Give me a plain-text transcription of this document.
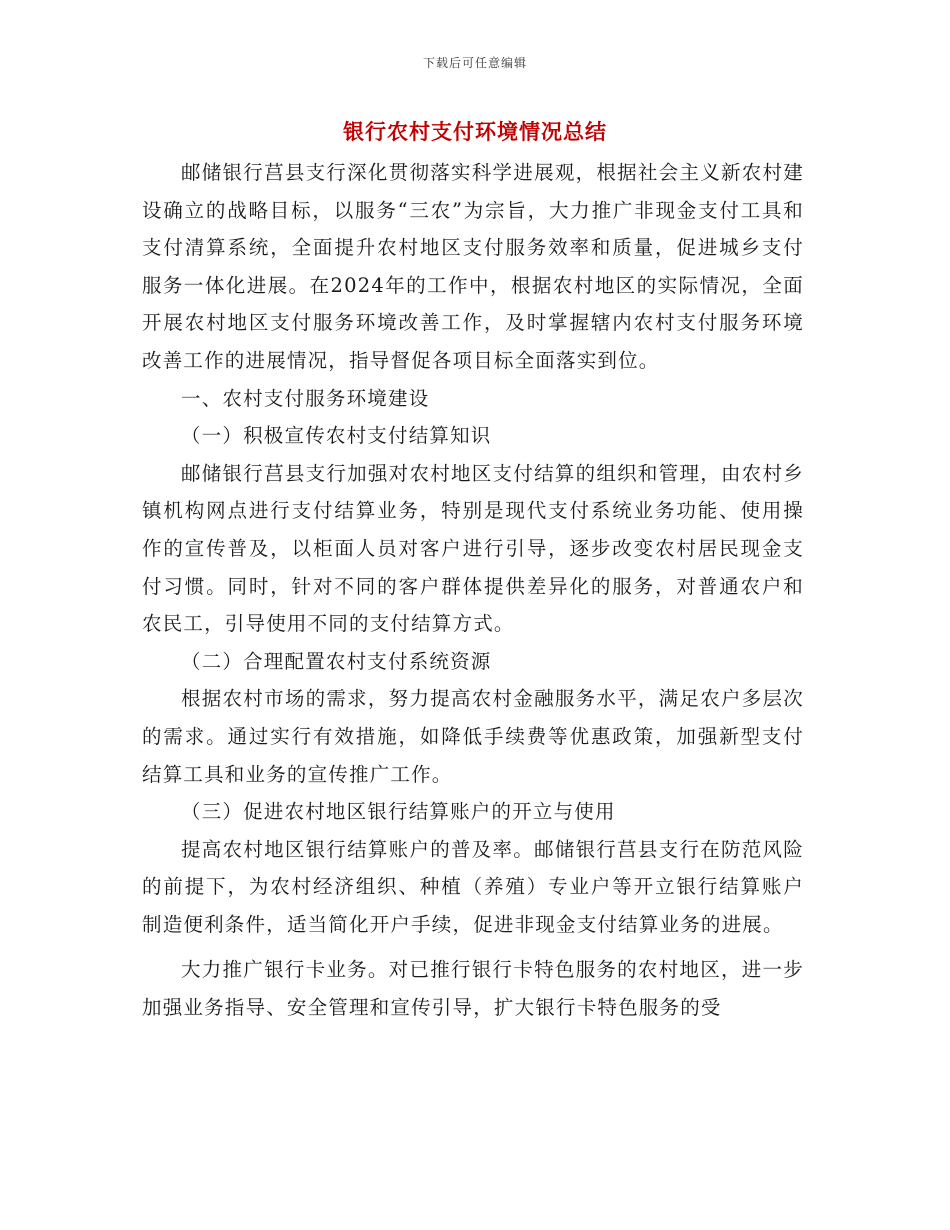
下载后可任意编辑
银行农村支付环境情况总结

邮储银行莒县支行深化贯彻落实科学进展观，根据社会主义新农村建设确立的战略目标，以服务“三农”为宗旨，大力推广非现金支付工具和支付清算系统，全面提升农村地区支付服务效率和质量，促进城乡支付服务一体化进展。在2024年的工作中，根据农村地区的实际情况，全面开展农村地区支付服务环境改善工作，及时掌握辖内农村支付服务环境改善工作的进展情况，指导督促各项目标全面落实到位。

一、农村支付服务环境建设

（一）积极宣传农村支付结算知识

邮储银行莒县支行加强对农村地区支付结算的组织和管理，由农村乡镇机构网点进行支付结算业务，特别是现代支付系统业务功能、使用操作的宣传普及，以柜面人员对客户进行引导，逐步改变农村居民现金支付习惯。同时，针对不同的客户群体提供差异化的服务，对普通农户和农民工，引导使用不同的支付结算方式。

（二）合理配置农村支付系统资源

根据农村市场的需求，努力提高农村金融服务水平，满足农户多层次的需求。通过实行有效措施，如降低手续费等优惠政策，加强新型支付结算工具和业务的宣传推广工作。

（三）促进农村地区银行结算账户的开立与使用

提高农村地区银行结算账户的普及率。邮储银行莒县支行在防范风险的前提下，为农村经济组织、种植（养殖）专业户等开立银行结算账户制造便利条件，适当简化开户手续，促进非现金支付结算业务的进展。

大力推广银行卡业务。对已推行银行卡特色服务的农村地区，进一步加强业务指导、安全管理和宣传引导，扩大银行卡特色服务的受
